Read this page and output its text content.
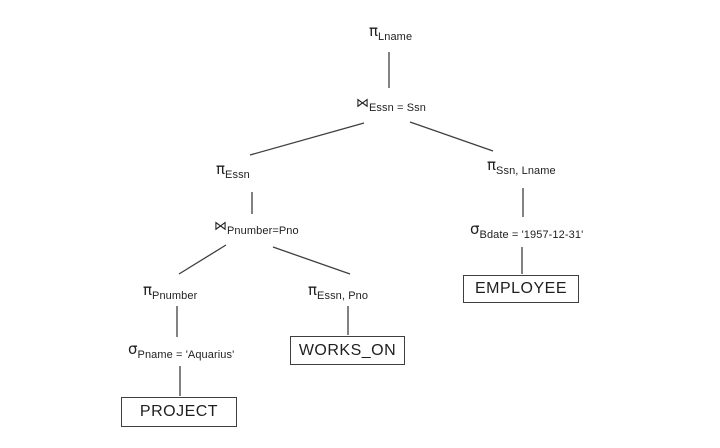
$\pi_{Lname}$
$⋈_{Essn = Ssn}$
$\pi_{Essn}$
$\pi_{Ssn, Lname}$
$⋈_{Pnumber=Pno}$	$\sigma_{Bdate = '1957-12-31'}$
$\pi_{Pnumber}$	$\pi_{Essn, Pno}$
$\sigma_{Pname = 'Aquarius'}$
EMPLOYEE
WORKS_ON
PROJECT
